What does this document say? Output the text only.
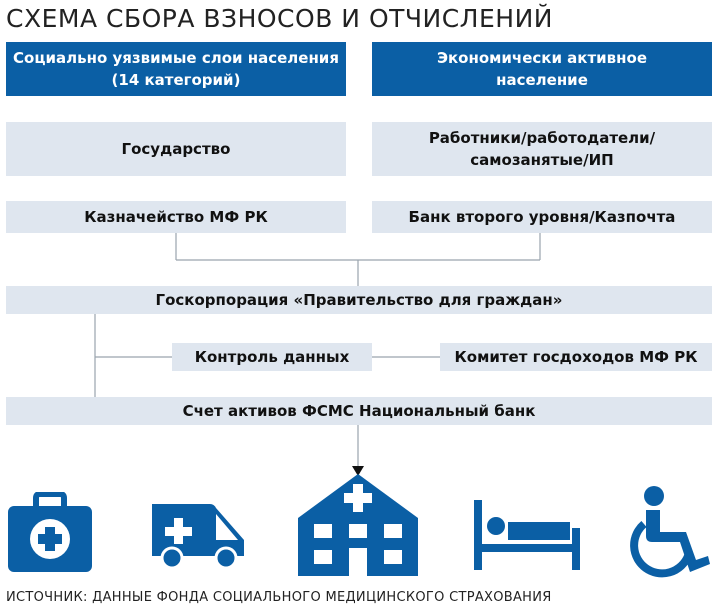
СХЕМА СБОРА ВЗНОСОВ И ОТЧИСЛЕНИЙ
Социально уязвимые слои населения
(14 категорий)
Государство
Казначейство МФ РК
Экономически активное
население
Работники/работодатели/
самозанятые/ИП
Банк второго уровня/Казпочта
Госкорпорация «Правительство для граждан»
Контроль данных	Комитет госдоходов МФ РК
Счет активов ФСМС Национальный банк
ИСТОЧНИК: ДАННЫЕ ФОНДА СОЦИАЛЬНОГО МЕДИЦИНСКОГО СТРАХОВАНИЯ
